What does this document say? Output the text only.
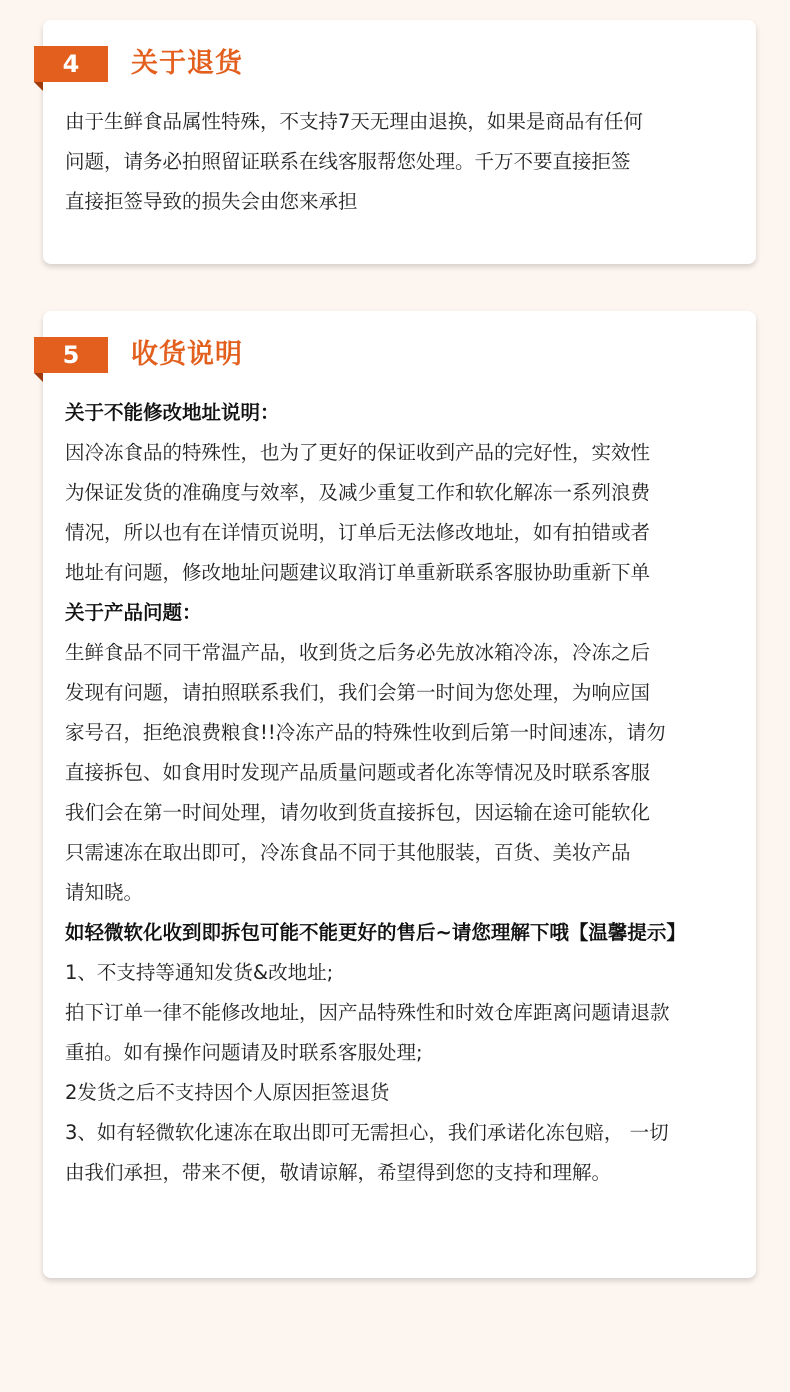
4	关于退货
由于生鲜食品属性特殊，不支持7天无理由退换，如果是商品有任何
问题，请务必拍照留证联系在线客服帮您处理。千万不要直接拒签
直接拒签导致的损失会由您来承担
5	收货说明
关于不能修改地址说明：
因冷冻食品的特殊性，也为了更好的保证收到产品的完好性，实效性
为保证发货的准确度与效率，及减少重复工作和软化解冻一系列浪费
情况，所以也有在详情页说明，订单后无法修改地址，如有拍错或者
地址有问题，修改地址问题建议取消订单重新联系客服协助重新下单
关于产品问题：
生鲜食品不同干常温产品，收到货之后务必先放冰箱冷冻，冷冻之后
发现有问题，请拍照联系我们，我们会第一时间为您处理，为响应国
家号召，拒绝浪费粮食!!冷冻产品的特殊性收到后第一时间速冻，请勿
直接拆包、如食用时发现产品质量问题或者化冻等情况及时联系客服
我们会在第一时间处理，请勿收到货直接拆包，因运输在途可能软化
只需速冻在取出即可，冷冻食品不同于其他服装，百货、美妆产品
请知晓。
如轻微软化收到即拆包可能不能更好的售后~请您理解下哦【温馨提示】
1、不支持等通知发货&改地址;
拍下订单一律不能修改地址，因产品特殊性和时效仓库距离问题请退款
重拍。如有操作问题请及时联系客服处理;
2发货之后不支持因个人原因拒签退货
3、如有轻微软化速冻在取出即可无需担心，我们承诺化冻包赔， 一切
由我们承担，带来不便，敬请谅解，希望得到您的支持和理解。
